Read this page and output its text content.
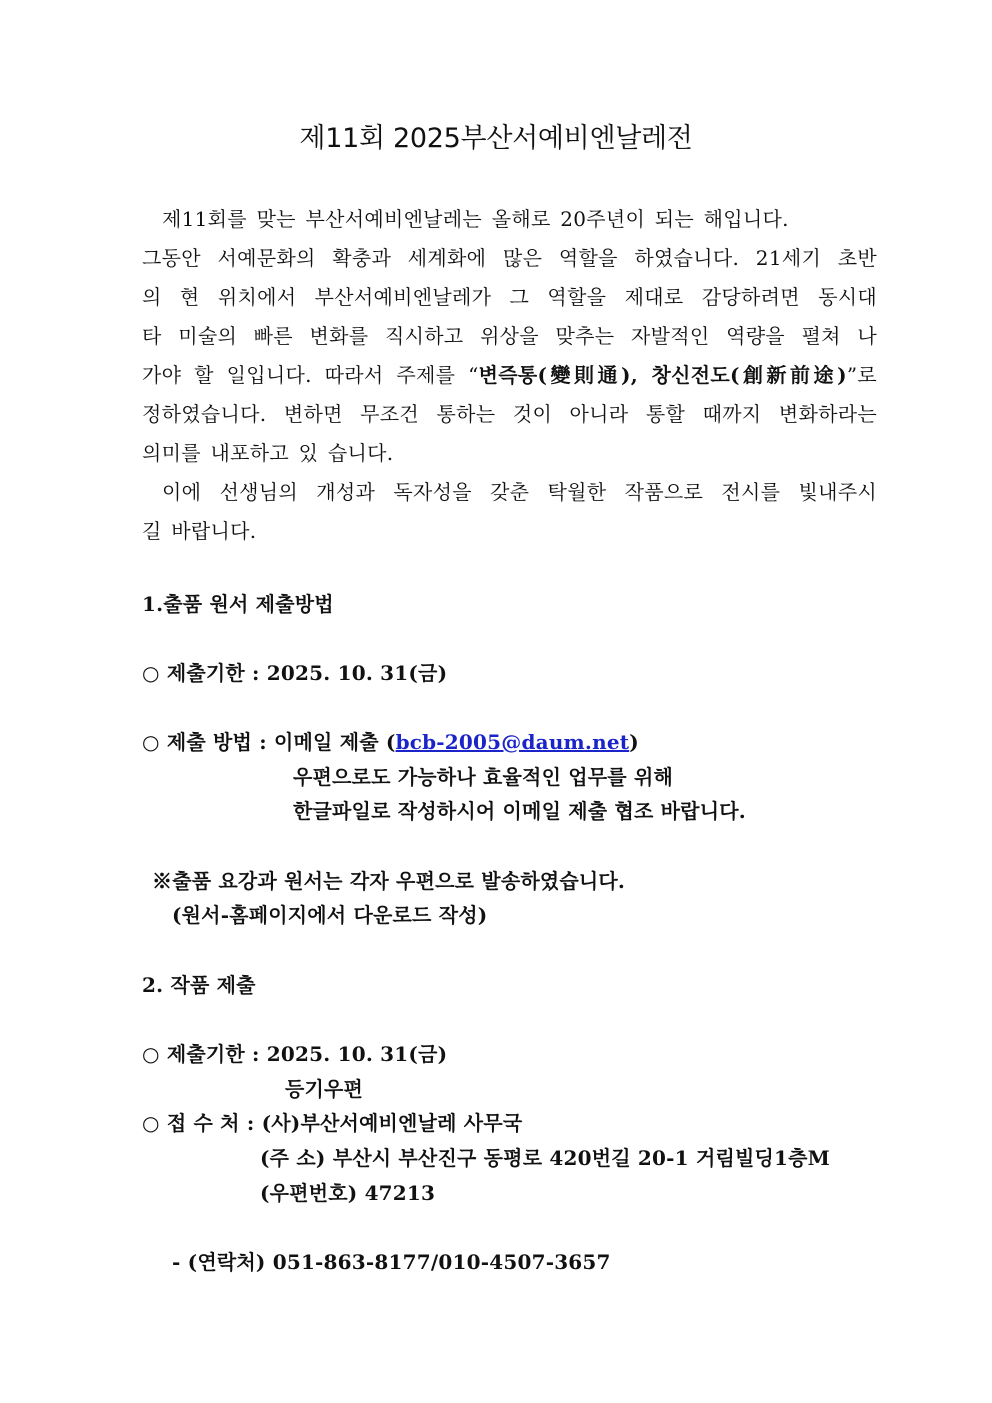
제11회 2025부산서예비엔날레전

제11회를 맞는 부산서예비엔날레는 올해로 20주년이 되는 해입니다.

그동안 서예문화의 확충과 세계화에 많은 역할을 하였습니다. 21세기 초반

의 현 위치에서 부산서예비엔날레가 그 역할을 제대로 감당하려면 동시대

타 미술의 빠른 변화를 직시하고 위상을 맞추는 자발적인 역량을 펼쳐 나

가야 할 일입니다. 따라서 주제를 “변즉통(變則通), 창신전도(創新前途)”로

정하였습니다. 변하면 무조건 통하는 것이 아니라 통할 때까지 변화하라는

의미를 내포하고 있 습니다.

이에 선생님의 개성과 독자성을 갖춘 탁월한 작품으로 전시를 빛내주시

길 바랍니다.

1.출품 원서 제출방법
○ 제출기한 : 2025. 10. 31(금)
○ 제출 방법 : 이메일 제출 (bcb-2005@daum.net)
우편으로도 가능하나 효율적인 업무를 위해
한글파일로 작성하시어 이메일 제출 협조 바랍니다.
※출품 요강과 원서는 각자 우편으로 발송하였습니다.
(원서-홈페이지에서 다운로드 작성)
2. 작품 제출
○ 제출기한 : 2025. 10. 31(금)
등기우편
○ 접 수 처 : (사)부산서예비엔날레 사무국
(주 소) 부산시 부산진구 동평로 420번길 20-1 거림빌딩1층M
(우편번호) 47213
- (연락처) 051-863-8177/010-4507-3657
